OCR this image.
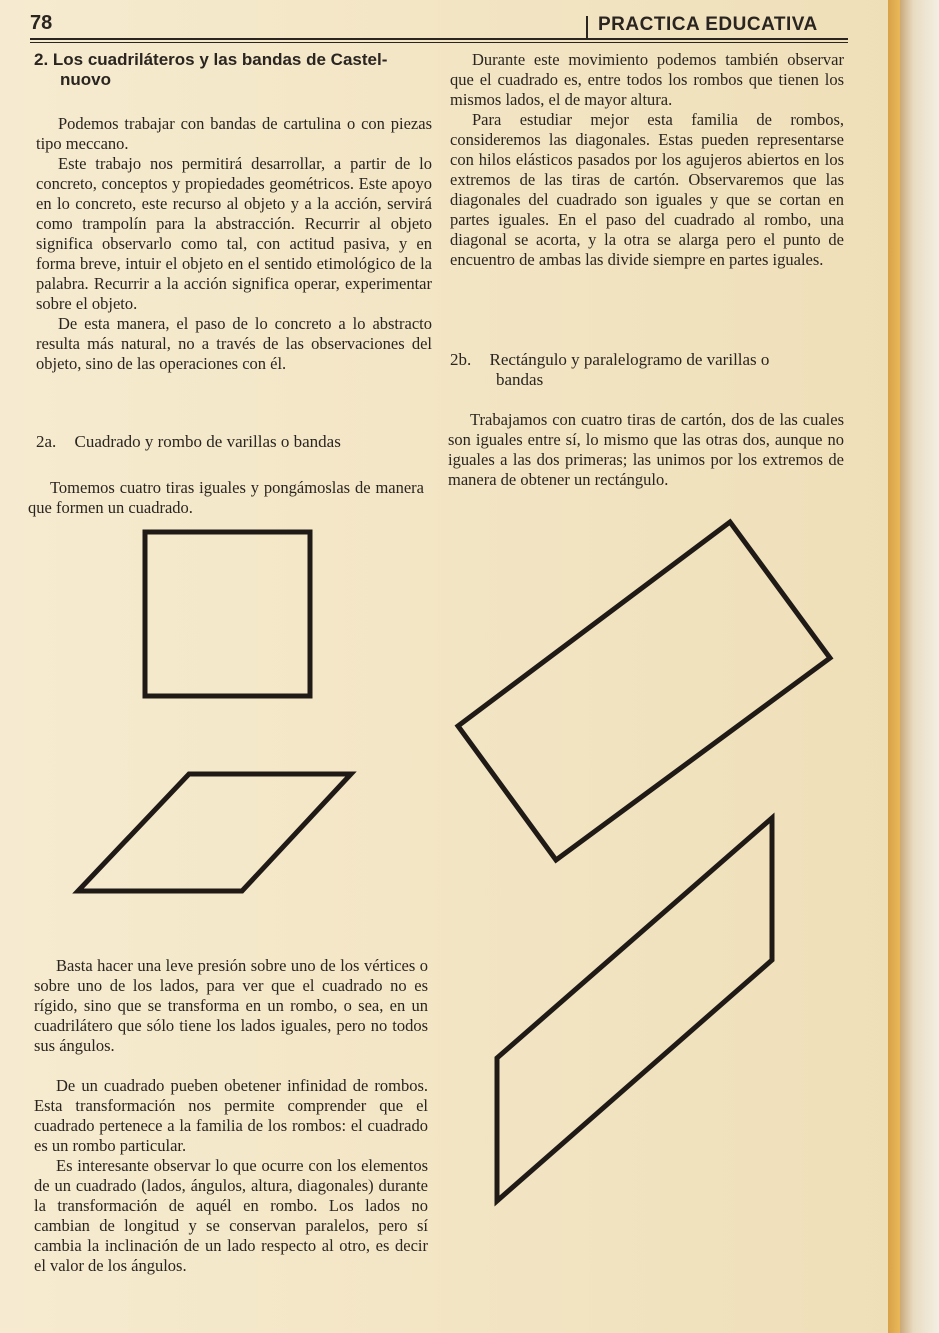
78	PRACTICA EDUCATIVA
2. Los cuadriláteros y las bandas de Castel-
nuovo

Podemos trabajar con bandas de cartulina o con piezas tipo meccano.

Este trabajo nos permitirá desarrollar, a partir de lo concreto, conceptos y propiedades geométricos. Este apoyo en lo concreto, este recurso al objeto y a la acción, servirá como trampolín para la abstracción. Recurrir al objeto significa observarlo como tal, con actitud pasiva, y en forma breve, intuir el objeto en el sentido etimológico de la palabra. Recurrir a la acción significa operar, experimentar sobre el objeto.

De esta manera, el paso de lo concreto a lo abstracto resulta más natural, no a través de las observaciones del objeto, sino de las operaciones con él.

2a. Cuadrado y rombo de varillas o bandas

Tomemos cuatro tiras iguales y pongámoslas de manera que formen un cuadrado.

Basta hacer una leve presión sobre uno de los vértices o sobre uno de los lados, para ver que el cuadrado no es rígido, sino que se transforma en un rombo, o sea, en un cuadrilátero que sólo tiene los lados iguales, pero no todos sus ángulos.

De un cuadrado pueben obetener infinidad de rombos. Esta transformación nos permite comprender que el cuadrado pertenece a la familia de los rombos: el cuadrado es un rombo particular.

Es interesante observar lo que ocurre con los elementos de un cuadrado (lados, ángulos, altura, diagonales) durante la transformación de aquél en rombo. Los lados no cambian de longitud y se conservan paralelos, pero sí cambia la inclinación de un lado respecto al otro, es decir el valor de los ángulos.

Durante este movimiento podemos también observar que el cuadrado es, entre todos los rombos que tienen los mismos lados, el de mayor altura.

Para estudiar mejor esta familia de rombos, consideremos las diagonales. Estas pueden representarse con hilos elásticos pasados por los agujeros abiertos en los extremos de las tiras de cartón. Observaremos que las diagonales del cuadrado son iguales y que se cortan en partes iguales. En el paso del cuadrado al rombo, una diagonal se acorta, y la otra se alarga pero el punto de encuentro de ambas las divide siempre en partes iguales.

2b. Rectángulo y paralelogramo de varillas o
bandas

Trabajamos con cuatro tiras de cartón, dos de las cuales son iguales entre sí, lo mismo que las otras dos, aunque no iguales a las dos primeras; las unimos por los extremos de manera de obtener un rectángulo.
